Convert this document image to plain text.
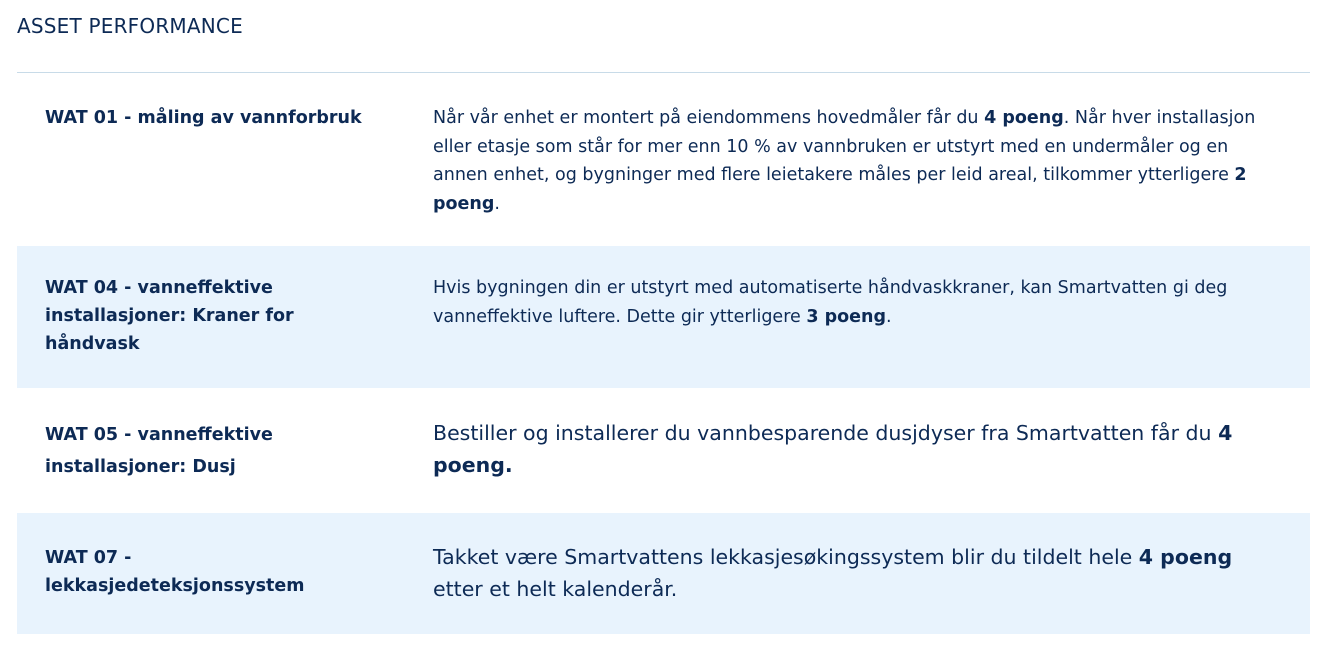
ASSET PERFORMANCE
WAT 01 - måling av vannforbruk	Når vår enhet er montert på eiendommens hovedmåler får du 4 poeng. Når hver installasjon eller etasje som står for mer enn 10 % av vannbruken er utstyrt med en undermåler og en annen enhet, og bygninger med flere leietakere måles per leid areal, tilkommer ytterligere 2 poeng.
WAT 04 - vanneffektive installasjoner: Kraner for håndvask
Hvis bygningen din er utstyrt med automatiserte håndvaskkraner, kan Smartvatten gi deg vanneffektive luftere. Dette gir ytterligere 3 poeng.
WAT 05 - vanneffektive installasjoner: Dusj
Bestiller og installerer du vannbesparende dusjdyser fra Smartvatten får du 4 poeng.
WAT 07 - lekkasjedeteksjonssystem
Takket være Smartvattens lekkasjesøkingssystem blir du tildelt hele 4 poeng etter et helt kalenderår.
